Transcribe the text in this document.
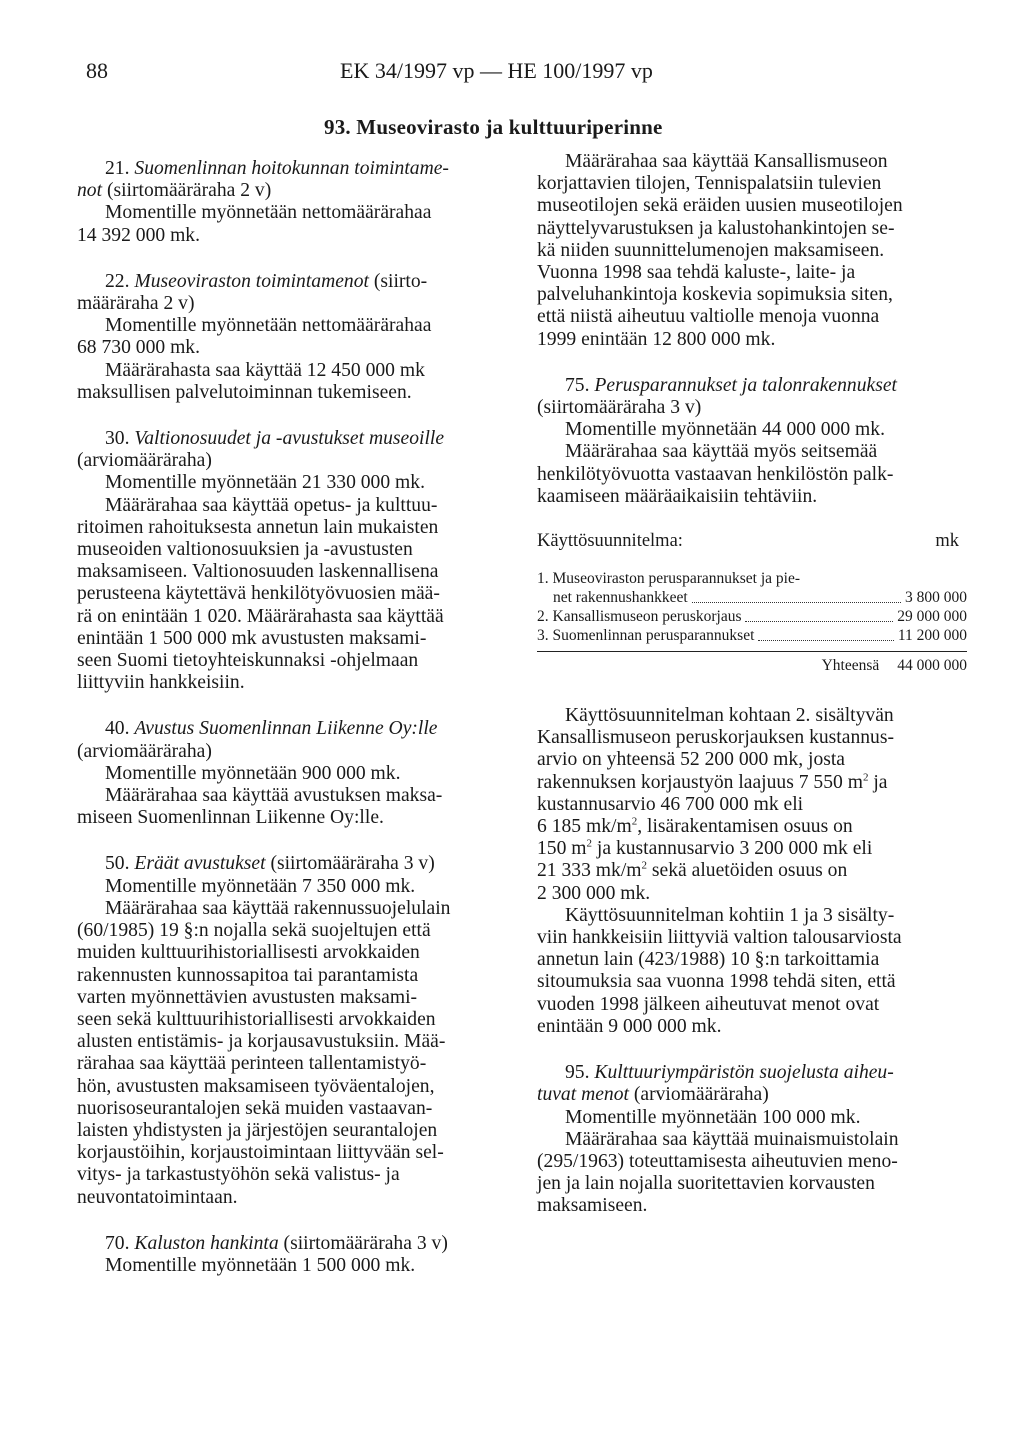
88	EK 34/1997 vp — HE 100/1997 vp
93. Museovirasto ja kulttuuriperinne
21. Suomenlinnan hoitokunnan toimintame-
not (siirtomääräraha 2 v)
Momentille myönnetään nettomäärärahaa
14 392 000 mk.
22. Museoviraston toimintamenot (siirto-
määräraha 2 v)
Momentille myönnetään nettomäärärahaa
68 730 000 mk.
Määrärahasta saa käyttää 12 450 000 mk
maksullisen palvelutoiminnan tukemiseen.
30. Valtionosuudet ja -avustukset museoille
(arviomääräraha)
Momentille myönnetään 21 330 000 mk.
Määrärahaa saa käyttää opetus- ja kulttuu-
ritoimen rahoituksesta annetun lain mukaisten
museoiden valtionosuuksien ja -avustusten
maksamiseen. Valtionosuuden laskennallisena
perusteena käytettävä henkilötyövuosien mää-
rä on enintään 1 020. Määrärahasta saa käyttää
enintään 1 500 000 mk avustusten maksami-
seen Suomi tietoyhteiskunnaksi -ohjelmaan
liittyviin hankkeisiin.
40. Avustus Suomenlinnan Liikenne Oy:lle
(arviomääräraha)
Momentille myönnetään 900 000 mk.
Määrärahaa saa käyttää avustuksen maksa-
miseen Suomenlinnan Liikenne Oy:lle.
50. Eräät avustukset (siirtomääräraha 3 v)
Momentille myönnetään 7 350 000 mk.
Määrärahaa saa käyttää rakennussuojelulain
(60/1985) 19 §:n nojalla sekä suojeltujen että
muiden kulttuurihistoriallisesti arvokkaiden
rakennusten kunnossapitoa tai parantamista
varten myönnettävien avustusten maksami-
seen sekä kulttuurihistoriallisesti arvokkaiden
alusten entistämis- ja korjausavustuksiin. Mää-
rärahaa saa käyttää perinteen tallentamistyö-
hön, avustusten maksamiseen työväentalojen,
nuorisoseurantalojen sekä muiden vastaavan-
laisten yhdistysten ja järjestöjen seurantalojen
korjaustöihin, korjaustoimintaan liittyvään sel-
vitys- ja tarkastustyöhön sekä valistus- ja
neuvontatoimintaan.
70. Kaluston hankinta (siirtomääräraha 3 v)
Momentille myönnetään 1 500 000 mk.
Määrärahaa saa käyttää Kansallismuseon
korjattavien tilojen, Tennispalatsiin tulevien
museotilojen sekä eräiden uusien museotilojen
näyttelyvarustuksen ja kalustohankintojen se-
kä niiden suunnittelumenojen maksamiseen.
Vuonna 1998 saa tehdä kaluste-, laite- ja
palveluhankintoja koskevia sopimuksia siten,
että niistä aiheutuu valtiolle menoja vuonna
1999 enintään 12 800 000 mk.
75. Perusparannukset ja talonrakennukset
(siirtomääräraha 3 v)
Momentille myönnetään 44 000 000 mk.
Määrärahaa saa käyttää myös seitsemää
henkilötyövuotta vastaavan henkilöstön palk-
kaamiseen määräaikaisiin tehtäviin.
Käyttösuunnitelma:	mk
1. Museoviraston perusparannukset ja pie-
net rakennushankkeet	3 800 000
2. Kansallismuseon peruskorjaus	29 000 000
3. Suomenlinnan perusparannukset	11 200 000
Yhteensä 44 000 000
Käyttösuunnitelman kohtaan 2. sisältyvän
Kansallismuseon peruskorjauksen kustannus-
arvio on yhteensä 52 200 000 mk, josta
rakennuksen korjaustyön laajuus 7 550 $m^2$ ja
kustannusarvio 46 700 000 mk eli
6 185 $mk/m^2$, lisärakentamisen osuus on
150 $m^2$ ja kustannusarvio 3 200 000 mk eli
21 333 $mk/m^2$ sekä aluetöiden osuus on
2 300 000 mk.
Käyttösuunnitelman kohtiin 1 ja 3 sisälty-
viin hankkeisiin liittyviä valtion talousarviosta
annetun lain (423/1988) 10 §:n tarkoittamia
sitoumuksia saa vuonna 1998 tehdä siten, että
vuoden 1998 jälkeen aiheutuvat menot ovat
enintään 9 000 000 mk.
95. Kulttuuriympäristön suojelusta aiheu-
tuvat menot (arviomääräraha)
Momentille myönnetään 100 000 mk.
Määrärahaa saa käyttää muinaismuistolain
(295/1963) toteuttamisesta aiheutuvien meno-
jen ja lain nojalla suoritettavien korvausten
maksamiseen.
